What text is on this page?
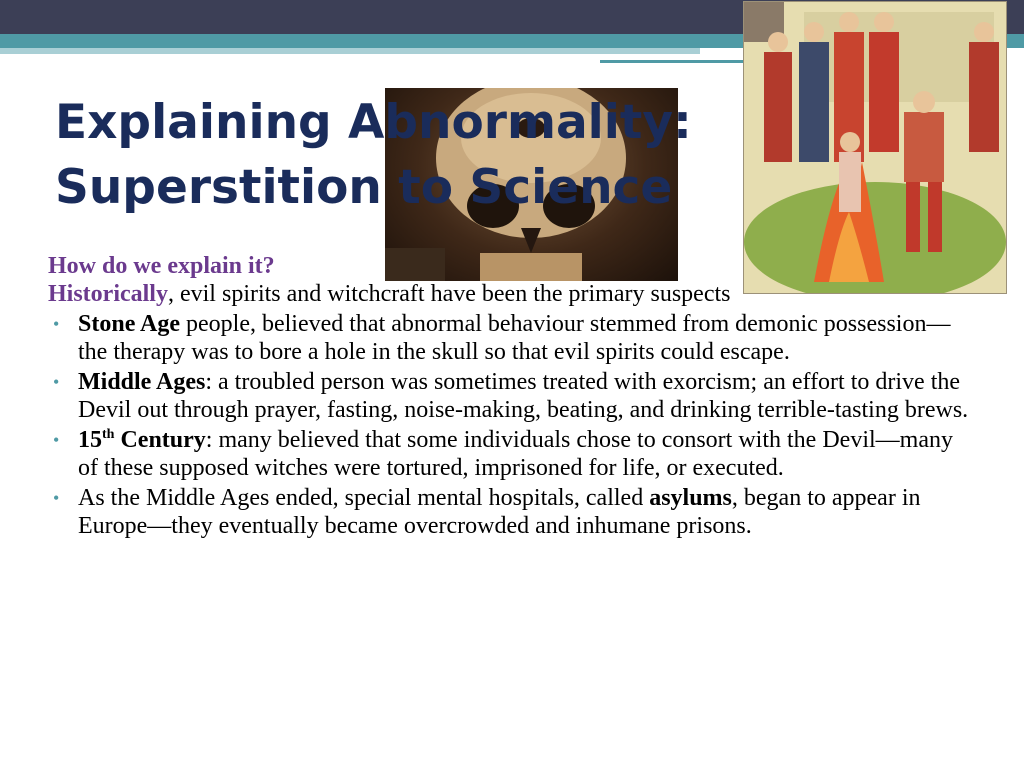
Explaining Abnormality:
Superstition to Science

How do we explain it?

Historically, evil spirits and witchcraft have been the primary suspects

• Stone Age people, believed that abnormal behaviour stemmed from demonic possession—the therapy was to bore a hole in the skull so that evil spirits could escape.
• Middle Ages: a troubled person was sometimes treated with exorcism; an effort to drive the Devil out through prayer, fasting, noise-making, beating, and drinking terrible-tasting brews.
• 15th Century: many believed that some individuals chose to consort with the Devil—many of these supposed witches were tortured, imprisoned for life, or executed.
• As the Middle Ages ended, special mental hospitals, called asylums, began to appear in Europe—they eventually became overcrowded and inhumane prisons.
